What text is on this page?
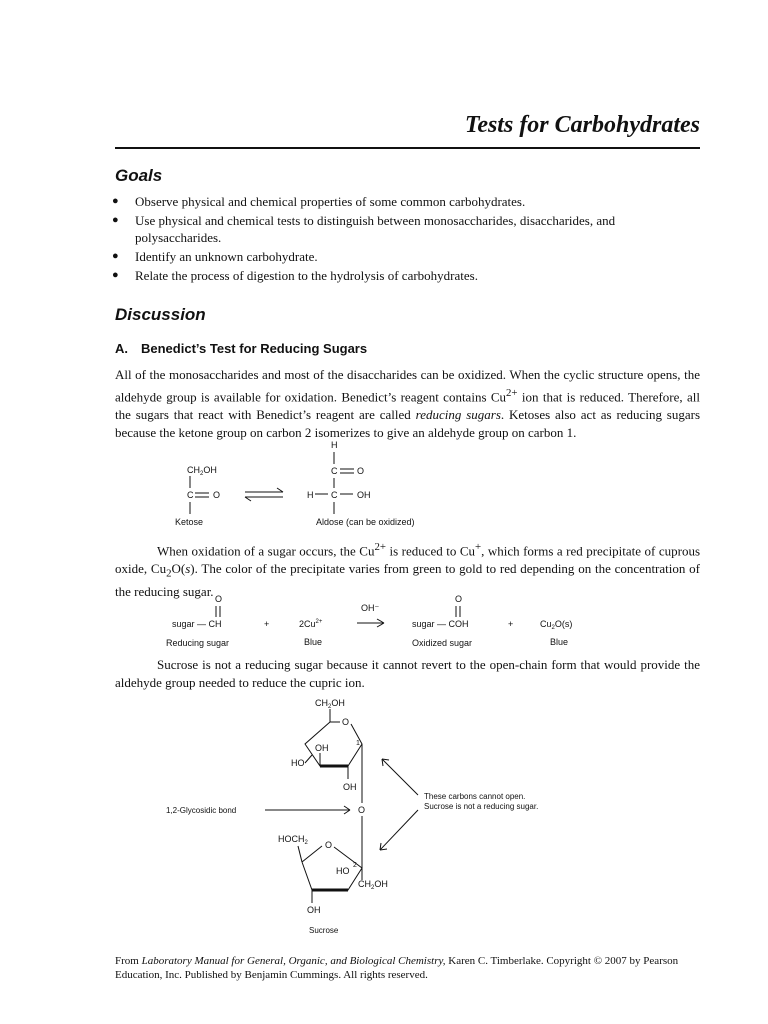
Tests for Carbohydrates
Goals
● Observe physical and chemical properties of some common carbohydrates.
● Use physical and chemical tests to distinguish between monosaccharides, disaccharides, and polysaccharides.
● Identify an unknown carbohydrate.
● Relate the process of digestion to the hydrolysis of carbohydrates.
Discussion
A. Benedict’s Test for Reducing Sugars

All of the monosaccharides and most of the disaccharides can be oxidized. When the cyclic structure opens, the aldehyde group is available for oxidation. Benedict’s reagent contains $Cu^{2+}$ ion that is reduced. Therefore, all the sugars that react with Benedict’s reagent are called reducing sugars. Ketoses also act as reducing sugars because the ketone group on carbon 2 isomerizes to give an aldehyde group on carbon 1.

When oxidation of a sugar occurs, the $Cu^{2+}$ is reduced to Cu+, which forms a red precipitate of cuprous oxide, $Cu_2O(s)$. The color of the precipitate varies from green to gold to red depending on the concentration of the reducing sugar.

Sucrose is not a reducing sugar because it cannot revert to the open-chain form that would provide the aldehyde group needed to reduce the cupric ion.

$CH_2OH$
C O
H
C O
H C OH
Ketose	Aldose (can be oxidized)
O
sugar — CH	+	$2Cu^{2+}$
OH⁻
O
sugar — COH	+	$Cu_2O(s)$
Reducing sugar	Blue	Oxidized sugar	Blue
$CH_2OH$
O
1
OH
HO
OH
O
1,2-Glycosidic bond
$HOCH_2$ O
HO
2
$CH_2OH$
OH
These carbons cannot open.
Sucrose is not a reducing sugar.
Sucrose
From Laboratory Manual for General, Organic, and Biological Chemistry, Karen C. Timberlake. Copyright © 2007 by Pearson Education, Inc. Published by Benjamin Cummings. All rights reserved.
